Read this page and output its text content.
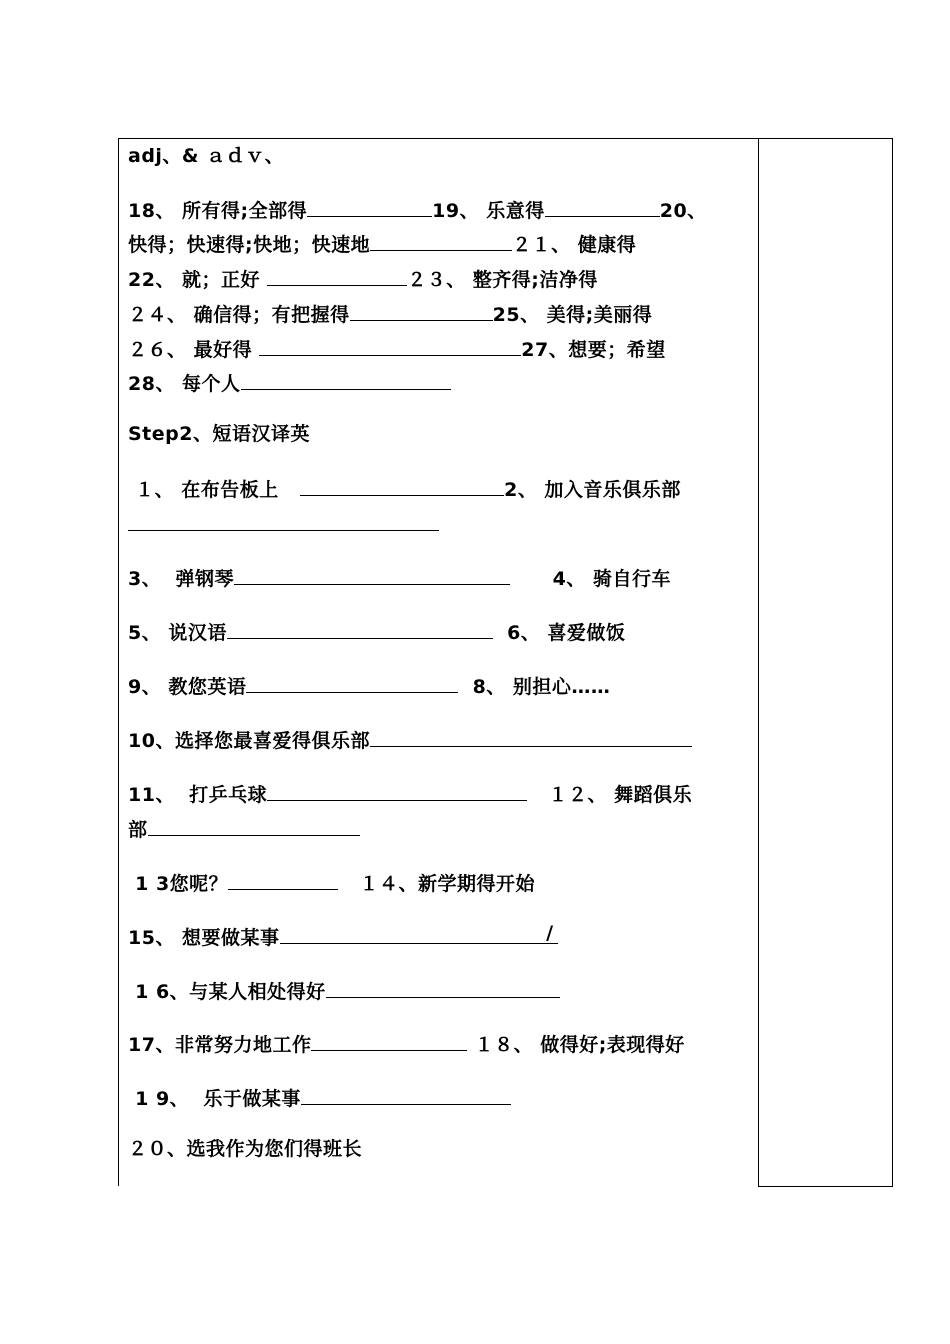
adj、& ａｄｖ、
18、 所有得;全部得	19、 乐意得	20、
快得；快速得;快地；快速地	２１、 健康得
22、 就；正好	２３、 整齐得;洁净得
２４、 确信得；有把握得	25、 美得;美丽得
２６、 最好得	27、想要；希望
28、 每个人
Step2、短语汉译英
１、 在布告板上	2、 加入音乐俱乐部
3、  弹钢琴	4、 骑自行车
5、 说汉语	6、 喜爱做饭
9、 教您英语	8、 别担心……
10、选择您最喜爱得俱乐部
11、  打乒乓球	１２、 舞蹈俱乐
部
1 3您呢？	１４、新学期得开始
15、 想要做某事	/
1 6、与某人相处得好
17、非常努力地工作	１８、 做得好;表现得好
1 9、  乐于做某事
２０、选我作为您们得班长
